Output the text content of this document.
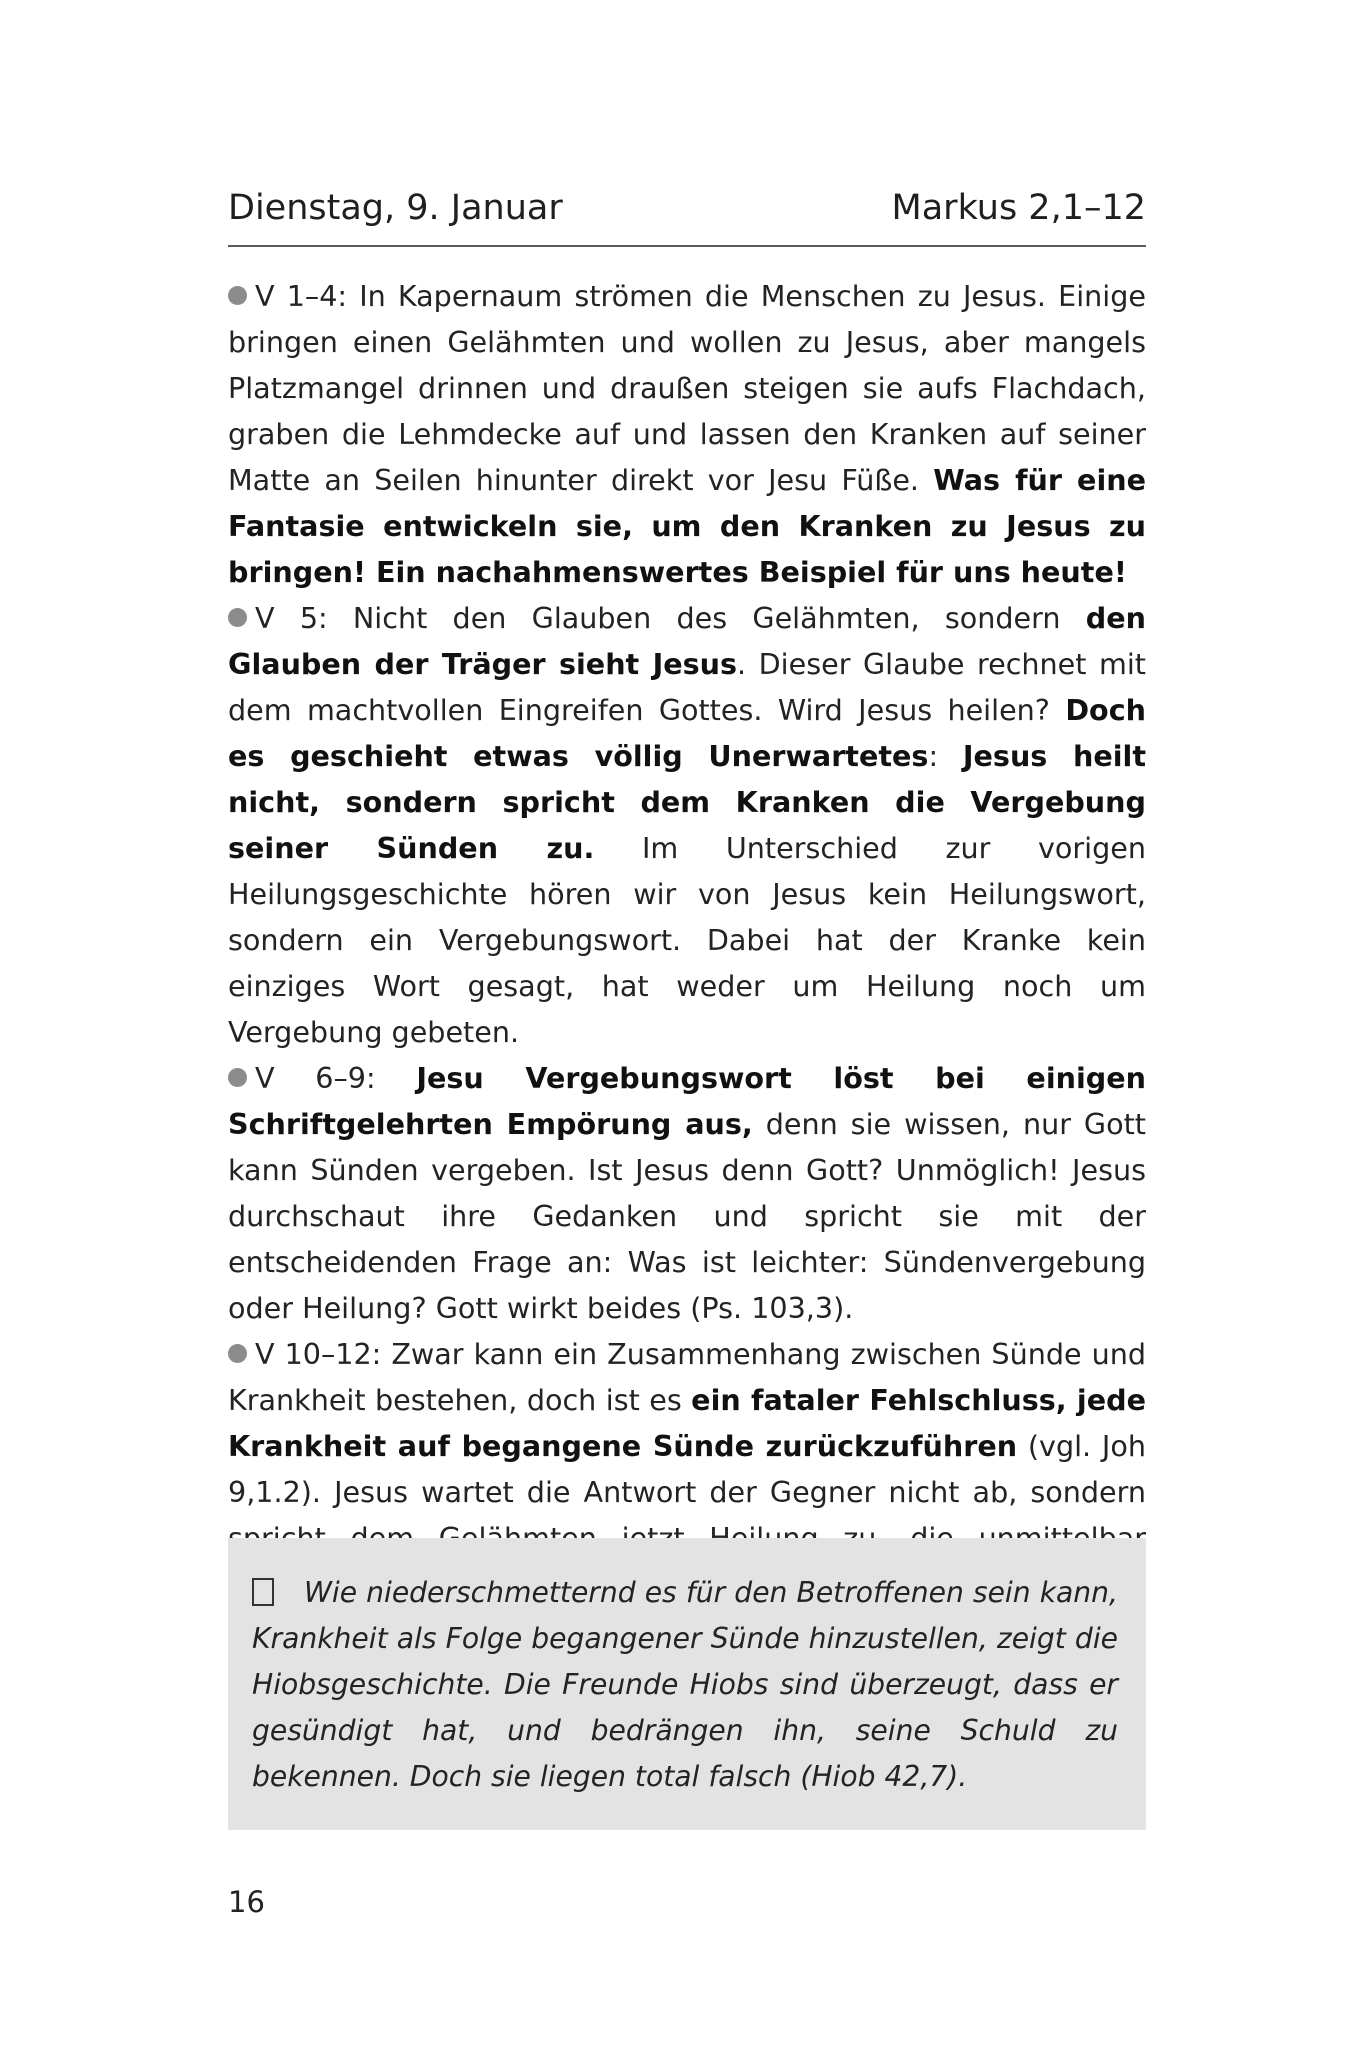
Dienstag, 9. Januar	Markus 2,1–12

V 1–4: In Kapernaum strömen die Menschen zu Jesus. Einige bringen einen Gelähmten und wollen zu Jesus, aber mangels Platzmangel drinnen und draußen steigen sie aufs Flachdach, graben die Lehmdecke auf und lassen den Kranken auf seiner Matte an Seilen hinunter direkt vor Jesu Füße. Was für eine Fantasie entwickeln sie, um den Kranken zu Jesus zu bringen! Ein nachahmenswertes Beispiel für uns heute!

V 5: Nicht den Glauben des Gelähmten, sondern den Glauben der Träger sieht Jesus. Dieser Glaube rechnet mit dem machtvollen Eingreifen Gottes. Wird Jesus heilen? Doch es geschieht etwas völlig Unerwartetes: Jesus heilt nicht, sondern spricht dem Kranken die Vergebung seiner Sünden zu. Im Unterschied zur vorigen Heilungsgeschichte hören wir von Jesus kein Heilungswort, sondern ein Vergebungswort. Dabei hat der Kranke kein einziges Wort gesagt, hat weder um Heilung noch um Vergebung gebeten.

V 6–9: Jesu Vergebungswort löst bei einigen Schriftgelehrten Empörung aus, denn sie wissen, nur Gott kann Sünden vergeben. Ist Jesus denn Gott? Unmöglich! Jesus durchschaut ihre Gedanken und spricht sie mit der entscheidenden Frage an: Was ist leichter: Sündenvergebung oder Heilung? Gott wirkt beides (Ps. 103,3).

V 10–12: Zwar kann ein Zusammenhang zwischen Sünde und Krankheit bestehen, doch ist es ein fataler Fehlschluss, jede Krankheit auf begangene Sünde zurückzuführen (vgl. Joh 9,1.2). Jesus wartet die Antwort der Gegner nicht ab, sondern

Wie niederschmetternd es für den Betroffenen sein kann, Krankheit als Folge begangener Sünde hinzustellen, zeigt die Hiobsgeschichte. Die Freunde Hiobs sind überzeugt, dass er gesündigt hat, und bedrängen ihn, seine Schuld zu bekennen. Doch sie liegen total falsch (Hiob 42,7).

16
